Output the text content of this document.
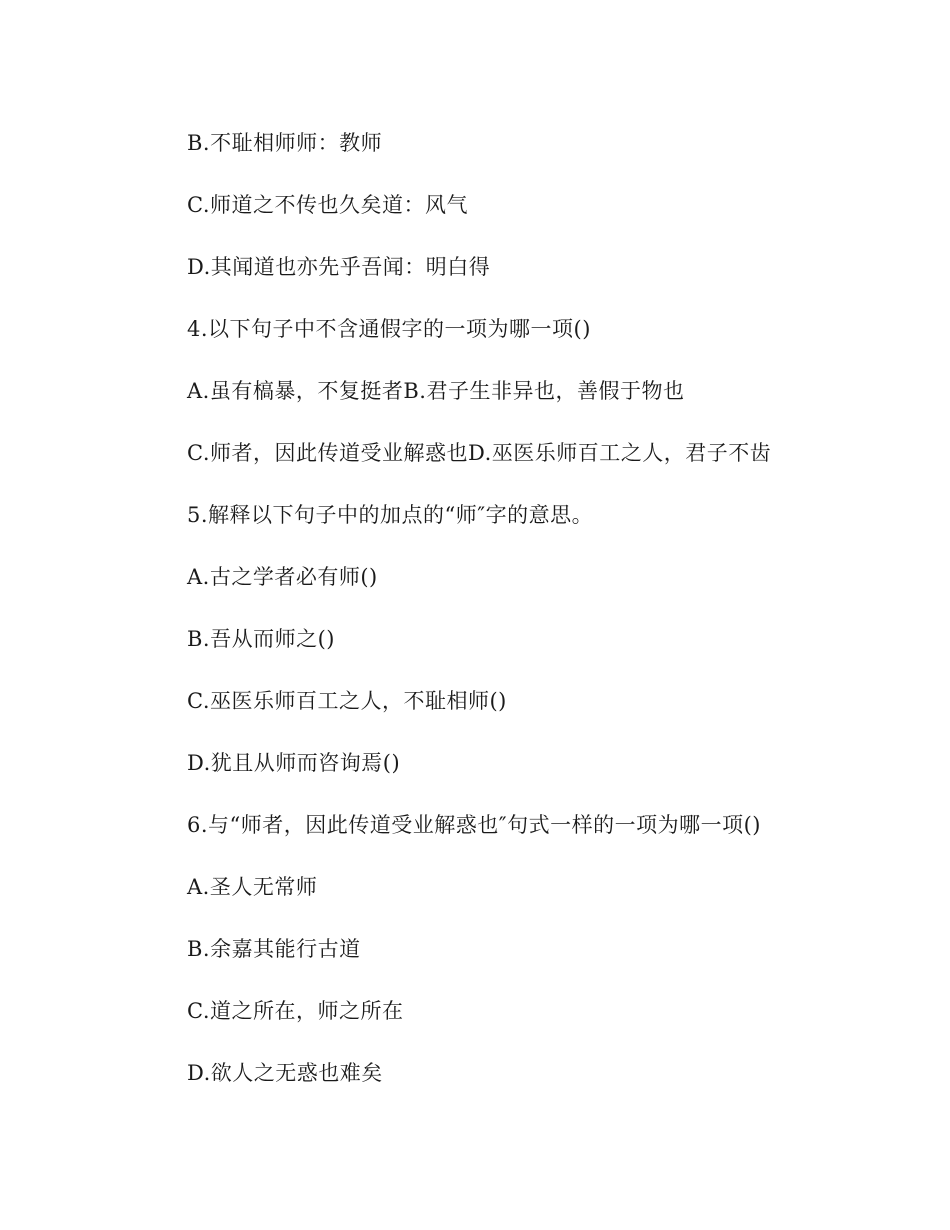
B.不耻相师师：教师
C.师道之不传也久矣道：风气
D.其闻道也亦先乎吾闻：明白得
4.以下句子中不含通假字的一项为哪一项()
A.虽有槁暴，不复挺者B.君子生非异也，善假于物也
C.师者，因此传道受业解惑也D.巫医乐师百工之人，君子不齿
5.解释以下句子中的加点的“师″字的意思。
A.古之学者必有师()
B.吾从而师之()
C.巫医乐师百工之人，不耻相师()
D.犹且从师而咨询焉()
6.与“师者，因此传道受业解惑也″句式一样的一项为哪一项()
A.圣人无常师
B.余嘉其能行古道
C.道之所在，师之所在
D.欲人之无惑也难矣
